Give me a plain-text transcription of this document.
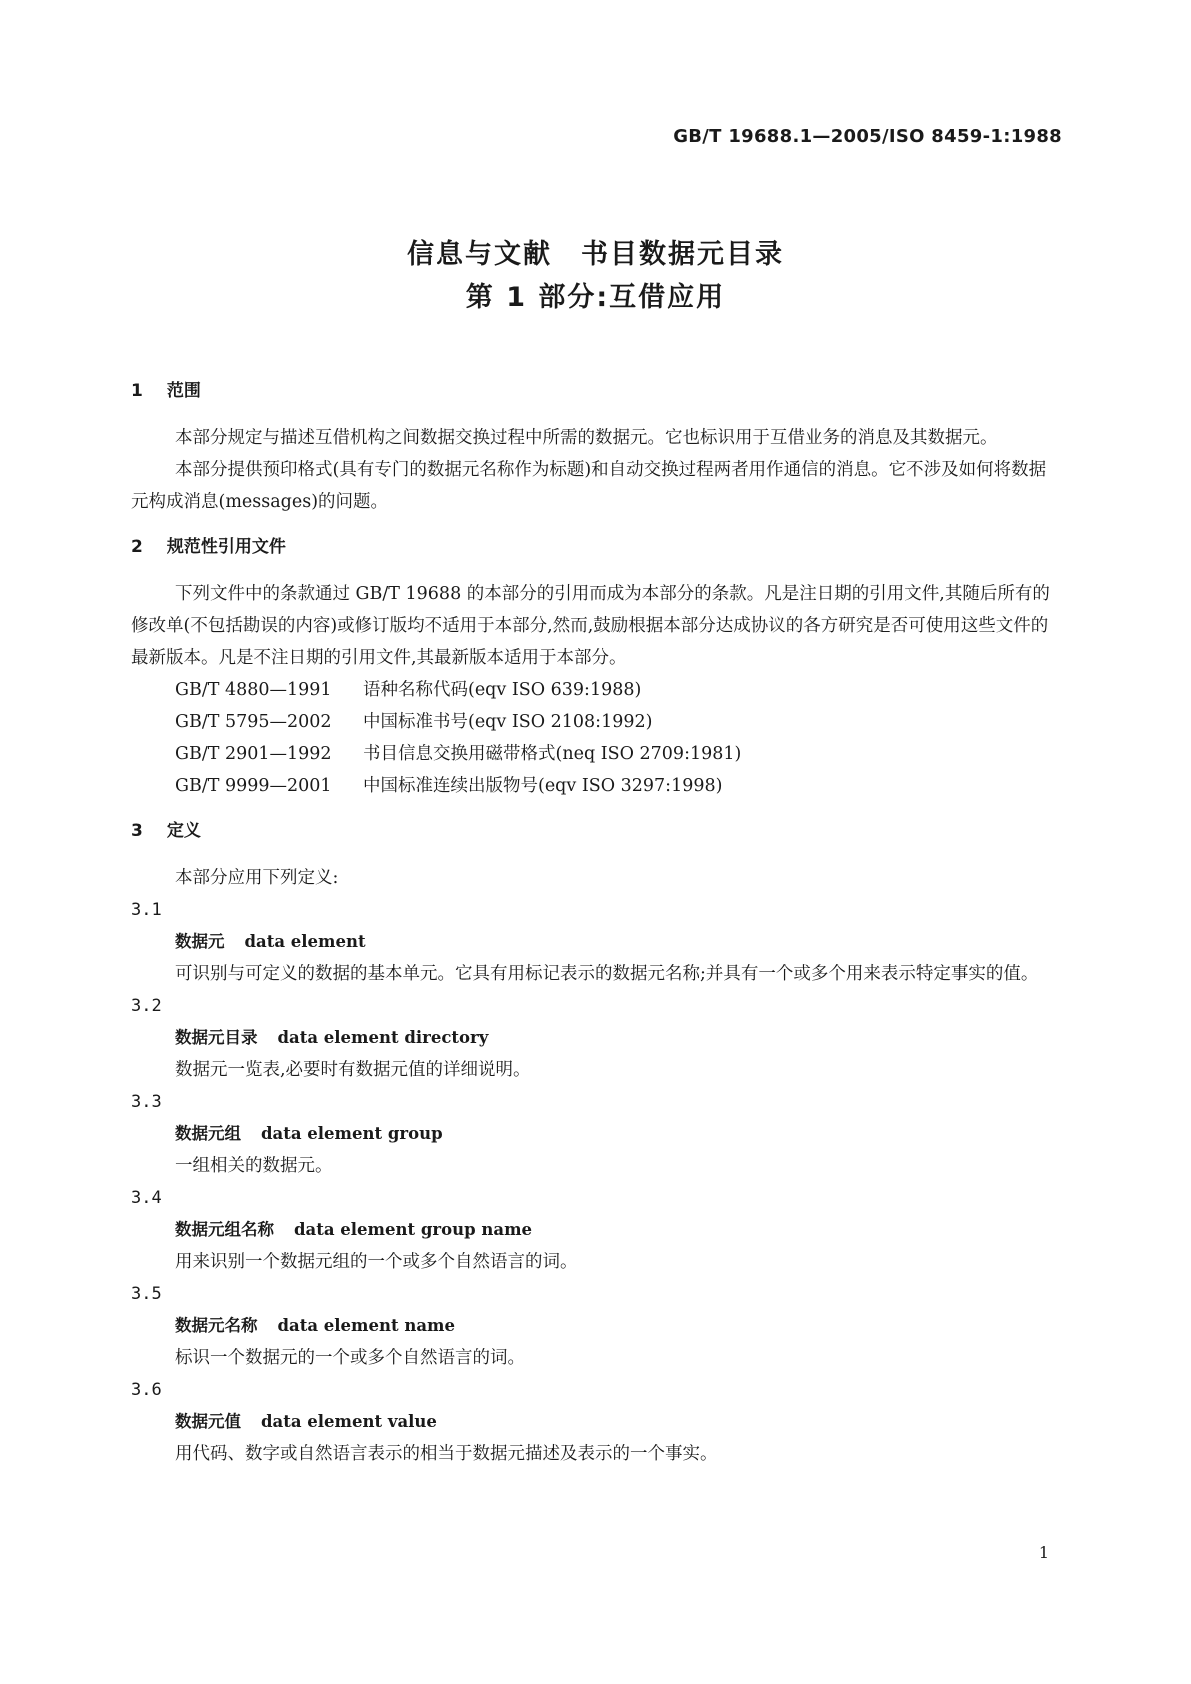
GB/T 19688.1—2005/ISO 8459-1:1988
信息与文献　书目数据元目录
第 1 部分:互借应用
1 范围

本部分规定与描述互借机构之间数据交换过程中所需的数据元。它也标识用于互借业务的消息及其数据元。

本部分提供预印格式(具有专门的数据元名称作为标题)和自动交换过程两者用作通信的消息。它不涉及如何将数据元构成消息(messages)的问题。

2 规范性引用文件

下列文件中的条款通过 GB/T 19688 的本部分的引用而成为本部分的条款。凡是注日期的引用文件,其随后所有的修改单(不包括勘误的内容)或修订版均不适用于本部分,然而,鼓励根据本部分达成协议的各方研究是否可使用这些文件的最新版本。凡是不注日期的引用文件,其最新版本适用于本部分。

GB/T 4880—1991 语种名称代码(eqv ISO 639:1988)
GB/T 5795—2002 中国标准书号(eqv ISO 2108:1992)
GB/T 2901—1992 书目信息交换用磁带格式(neq ISO 2709:1981)
GB/T 9999—2001 中国标准连续出版物号(eqv ISO 3297:1998)
3 定义

本部分应用下列定义:

3.1
数据元 data element

可识别与可定义的数据的基本单元。它具有用标记表示的数据元名称;并具有一个或多个用来表示特定事实的值。

3.2
数据元目录 data element directory

数据元一览表,必要时有数据元值的详细说明。

3.3
数据元组 data element group

一组相关的数据元。

3.4
数据元组名称 data element group name

用来识别一个数据元组的一个或多个自然语言的词。

3.5
数据元名称 data element name

标识一个数据元的一个或多个自然语言的词。

3.6
数据元值 data element value

用代码、数字或自然语言表示的相当于数据元描述及表示的一个事实。

1
